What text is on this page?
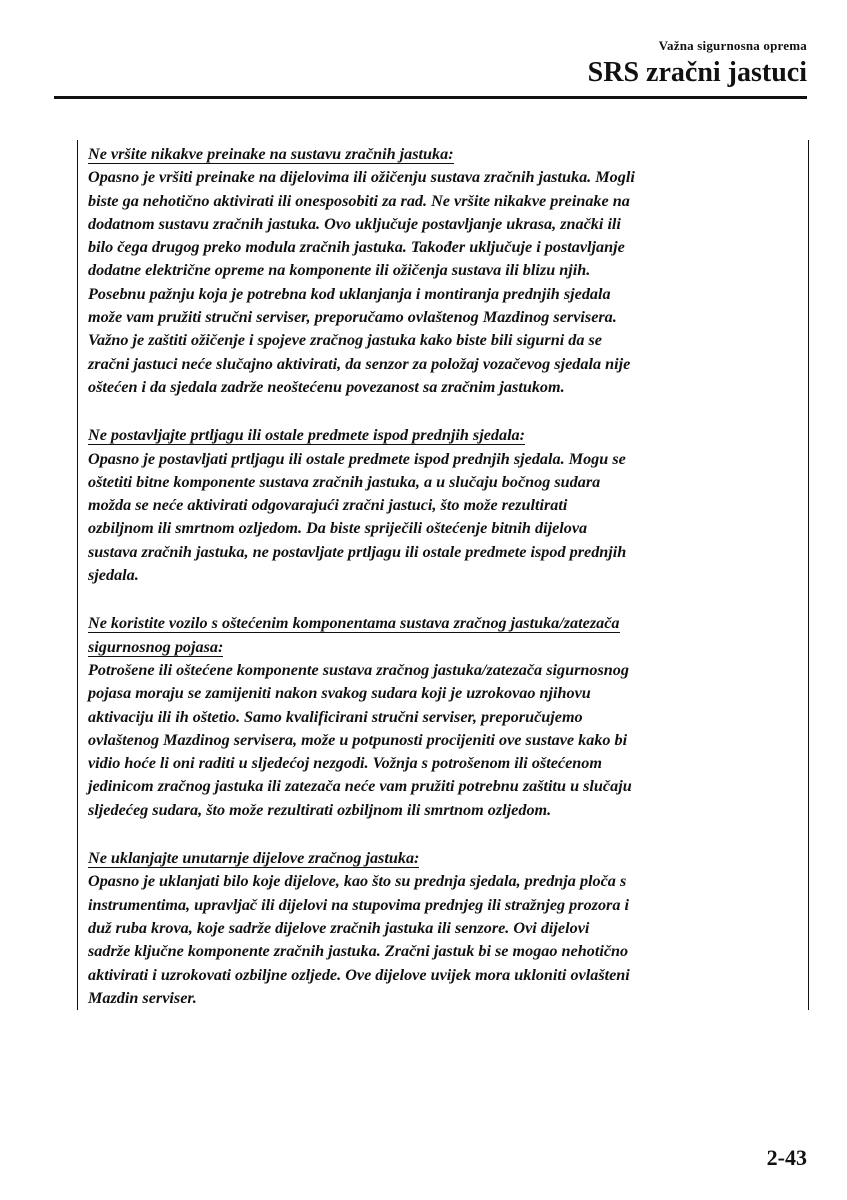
Važna sigurnosna oprema
SRS zračni jastuci
Ne vršite nikakve preinake na sustavu zračnih jastuka:
Opasno je vršiti preinake na dijelovima ili ožičenju sustava zračnih jastuka. Mogli
biste ga nehotično aktivirati ili onesposobiti za rad. Ne vršite nikakve preinake na
dodatnom sustavu zračnih jastuka. Ovo uključuje postavljanje ukrasa, znački ili
bilo čega drugog preko modula zračnih jastuka. Također uključuje i postavljanje
dodatne električne opreme na komponente ili ožičenja sustava ili blizu njih.
Posebnu pažnju koja je potrebna kod uklanjanja i montiranja prednjih sjedala
može vam pružiti stručni serviser, preporučamo ovlaštenog Mazdinog servisera.
Važno je zaštiti ožičenje i spojeve zračnog jastuka kako biste bili sigurni da se
zračni jastuci neće slučajno aktivirati, da senzor za položaj vozačevog sjedala nije
oštećen i da sjedala zadrže neoštećenu povezanost sa zračnim jastukom.
Ne postavljajte prtljagu ili ostale predmete ispod prednjih sjedala:
Opasno je postavljati prtljagu ili ostale predmete ispod prednjih sjedala. Mogu se
oštetiti bitne komponente sustava zračnih jastuka, a u slučaju bočnog sudara
možda se neće aktivirati odgovarajući zračni jastuci, što može rezultirati
ozbiljnom ili smrtnom ozljedom. Da biste spriječili oštećenje bitnih dijelova
sustava zračnih jastuka, ne postavljate prtljagu ili ostale predmete ispod prednjih
sjedala.
Ne koristite vozilo s oštećenim komponentama sustava zračnog jastuka/zatezača
sigurnosnog pojasa:
Potrošene ili oštećene komponente sustava zračnog jastuka/zatezača sigurnosnog
pojasa moraju se zamijeniti nakon svakog sudara koji je uzrokovao njihovu
aktivaciju ili ih oštetio. Samo kvalificirani stručni serviser, preporučujemo
ovlaštenog Mazdinog servisera, može u potpunosti procijeniti ove sustave kako bi
vidio hoće li oni raditi u sljedećoj nezgodi. Vožnja s potrošenom ili oštećenom
jedinicom zračnog jastuka ili zatezača neće vam pružiti potrebnu zaštitu u slučaju
sljedećeg sudara, što može rezultirati ozbiljnom ili smrtnom ozljedom.
Ne uklanjajte unutarnje dijelove zračnog jastuka:
Opasno je uklanjati bilo koje dijelove, kao što su prednja sjedala, prednja ploča s
instrumentima, upravljač ili dijelovi na stupovima prednjeg ili stražnjeg prozora i
duž ruba krova, koje sadrže dijelove zračnih jastuka ili senzore. Ovi dijelovi
sadrže ključne komponente zračnih jastuka. Zračni jastuk bi se mogao nehotično
aktivirati i uzrokovati ozbiljne ozljede. Ove dijelove uvijek mora ukloniti ovlašteni
Mazdin serviser.
2-43
